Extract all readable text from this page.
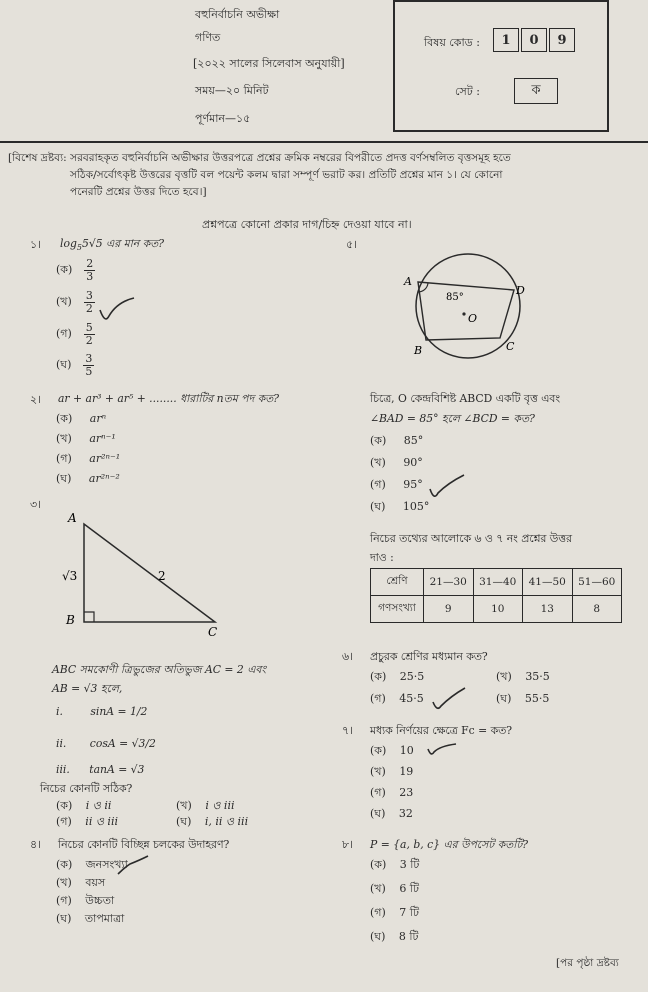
বহুনির্বাচনি অভীক্ষা
গণিত
[২০২২ সালের সিলেবাস অনুযায়ী]
সময়—২০ মিনিট
পূর্ণমান—১৫
বিষয় কোড :	1	0	9
সেট :	ক
[বিশেষ দ্রষ্টব্য: সরবরাহকৃত বহুনির্বাচনি অভীক্ষার উত্তরপত্রে প্রশ্নের ক্রমিক নম্বরের বিপরীতে প্রদত্ত বর্ণসম্বলিত বৃত্তসমূহ হতে
সঠিক/সর্বোৎকৃষ্ট উত্তরের বৃত্তটি বল পয়েন্ট কলম দ্বারা সম্পূর্ণ ভরাট কর। প্রতিটি প্রশ্নের মান ১। যে কোনো
পনেরটি প্রশ্নের উত্তর দিতে হবে।]
প্রশ্নপত্রে কোনো প্রকার দাগ/চিহ্ন দেওয়া যাবে না।
১। $\log_55√5$ এর মান কত?
(ক) $\frac{2}{3}$
(খ) $\frac{3}{2}$
(গ) $\frac{5}{2}$
(ঘ) $\frac{3}{5}$
২। ar + ar³ + ar⁵ + ........ ধারাটির nতম পদ কত?
(ক) arⁿ
(খ) arⁿ⁻¹
(গ) ar²ⁿ⁻¹
(ঘ) ar²ⁿ⁻²
৩।
A
B
C
√3	2
ABC সমকোণী ত্রিভুজের অতিভুজ AC = 2 এবং
AB = √3 হলে,
i.	sinA = 1/2
ii. cosA = √3/2
iii. tanA = √3
নিচের কোনটি সঠিক?
(ক) i ও ii	(খ) i ও iii
(গ) ii ও iii	(ঘ) i, ii ও iii
৪। নিচের কোনটি বিচ্ছিন্ন চলকের উদাহরণ?
(ক) জনসংখ্যা
(খ) বয়স
(গ) উচ্চতা
(ঘ) তাপমাত্রা
৫।
A
D
B	C
O
85°
চিত্রে, O কেন্দ্রবিশিষ্ট ABCD একটি বৃত্ত এবং
∠BAD = 85° হলে ∠BCD = কত?
(ক) 85°
(খ) 90°
(গ) 95°
(ঘ) 105°
নিচের তথ্যের আলোকে ৬ ও ৭ নং প্রশ্নের উত্তর
দাও :
শ্রেণি	21—30	31—40	41—50	51—60
গণসংখ্যা	9	10	13	8
৬। প্রচুরক শ্রেণির মধ্যমান কত?
(ক) 25·5	(খ) 35·5
(গ) 45·5	(ঘ) 55·5
৭। মধ্যক নির্ণয়ের ক্ষেত্রে Fc = কত?
(ক) 10
(খ) 19
(গ) 23
(ঘ) 32
৮। P = {a, b, c} এর উপসেট কতটি?
(ক) 3 টি
(খ) 6 টি
(গ) 7 টি
(ঘ) 8 টি
[পর পৃষ্ঠা দ্রষ্টব্য
